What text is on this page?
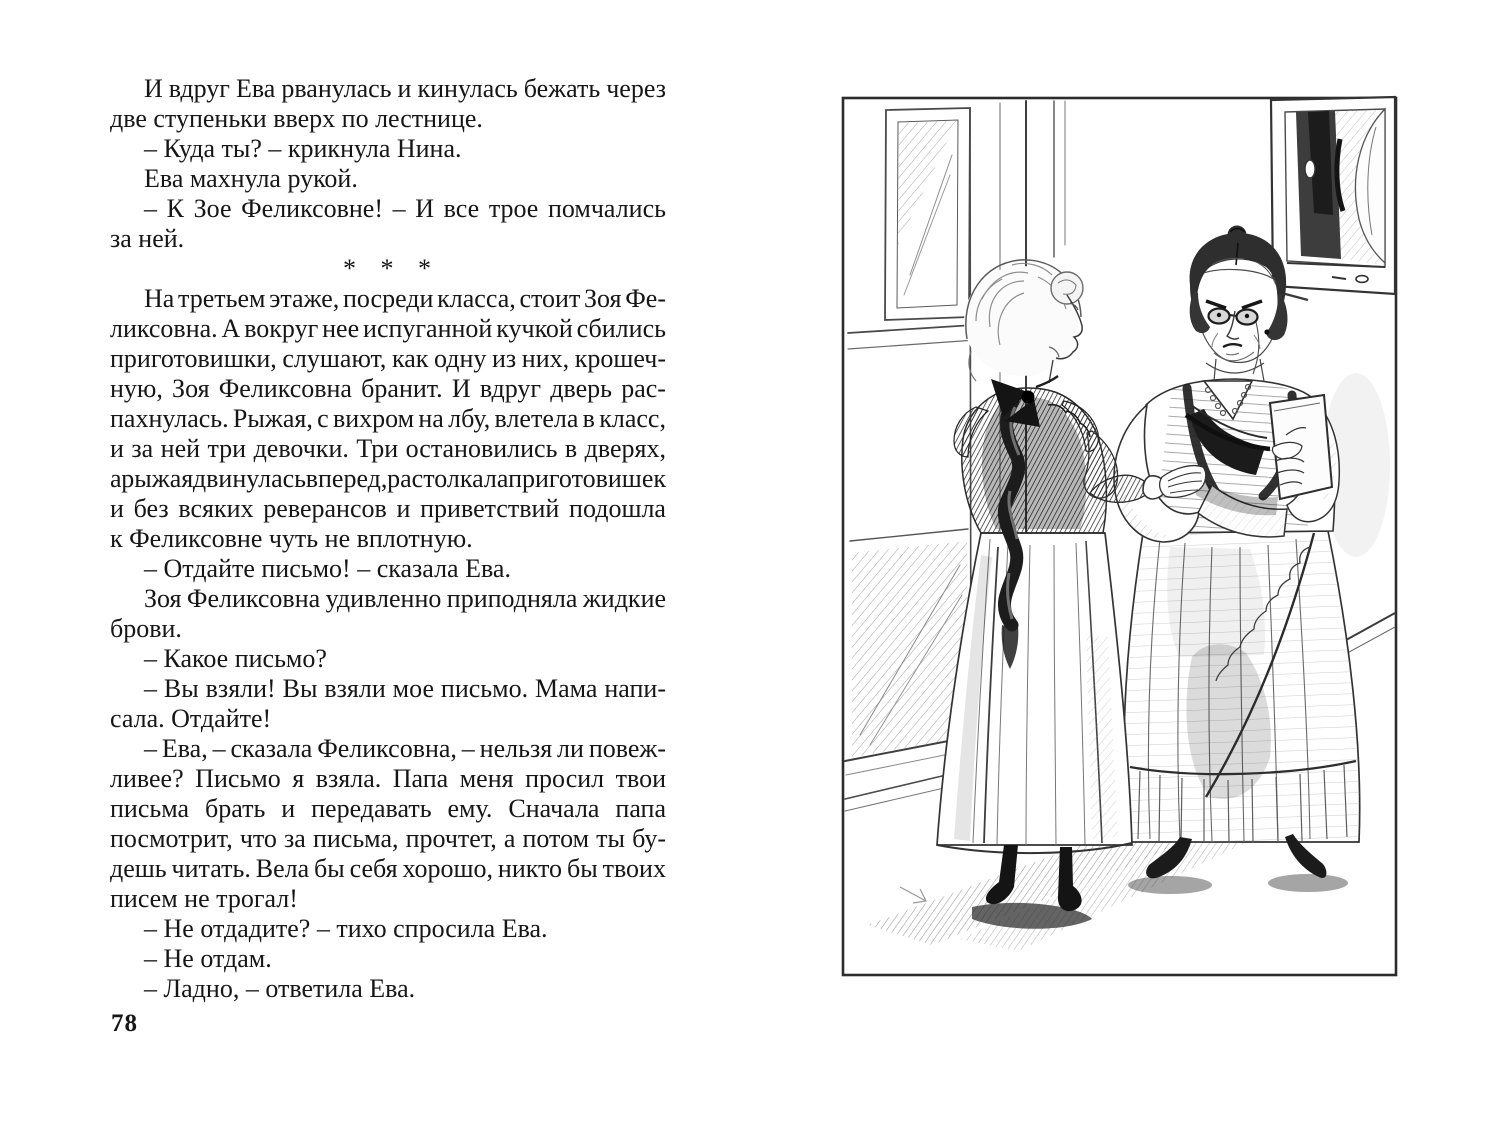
И вдруг Ева рванулась и кинулась бежать через
две ступеньки вверх по лестнице.
– Куда ты? – крикнула Нина.
Ева махнула рукой.
– К Зое Феликсовне! – И все трое помчались
за ней.
* * *
На третьем этаже, посреди класса, стоит Зоя Фе-
ликсовна. А вокруг нее испуганной кучкой сбились
приготовишки, слушают, как одну из них, крошеч-
ную, Зоя Феликсовна бранит. И вдруг дверь рас-
пахнулась. Рыжая, с вихром на лбу, влетела в класс,
и за ней три девочки. Три остановились в дверях,
а рыжая двинулась вперед, растолкала приготовишек
и без всяких реверансов и приветствий подошла
к Феликсовне чуть не вплотную.
– Отдайте письмо! – сказала Ева.
Зоя Феликсовна удивленно приподняла жидкие
брови.
– Какое письмо?
– Вы взяли! Вы взяли мое письмо. Мама напи-
сала. Отдайте!
– Ева, – сказала Феликсовна, – нельзя ли повеж-
ливее? Письмо я взяла. Папа меня просил твои
письма брать и передавать ему. Сначала папа
посмотрит, что за письма, прочтет, а потом ты бу-
дешь читать. Вела бы себя хорошо, никто бы твоих
писем не трогал!
– Не отдадите? – тихо спросила Ева.
– Не отдам.
– Ладно, – ответила Ева.
78
